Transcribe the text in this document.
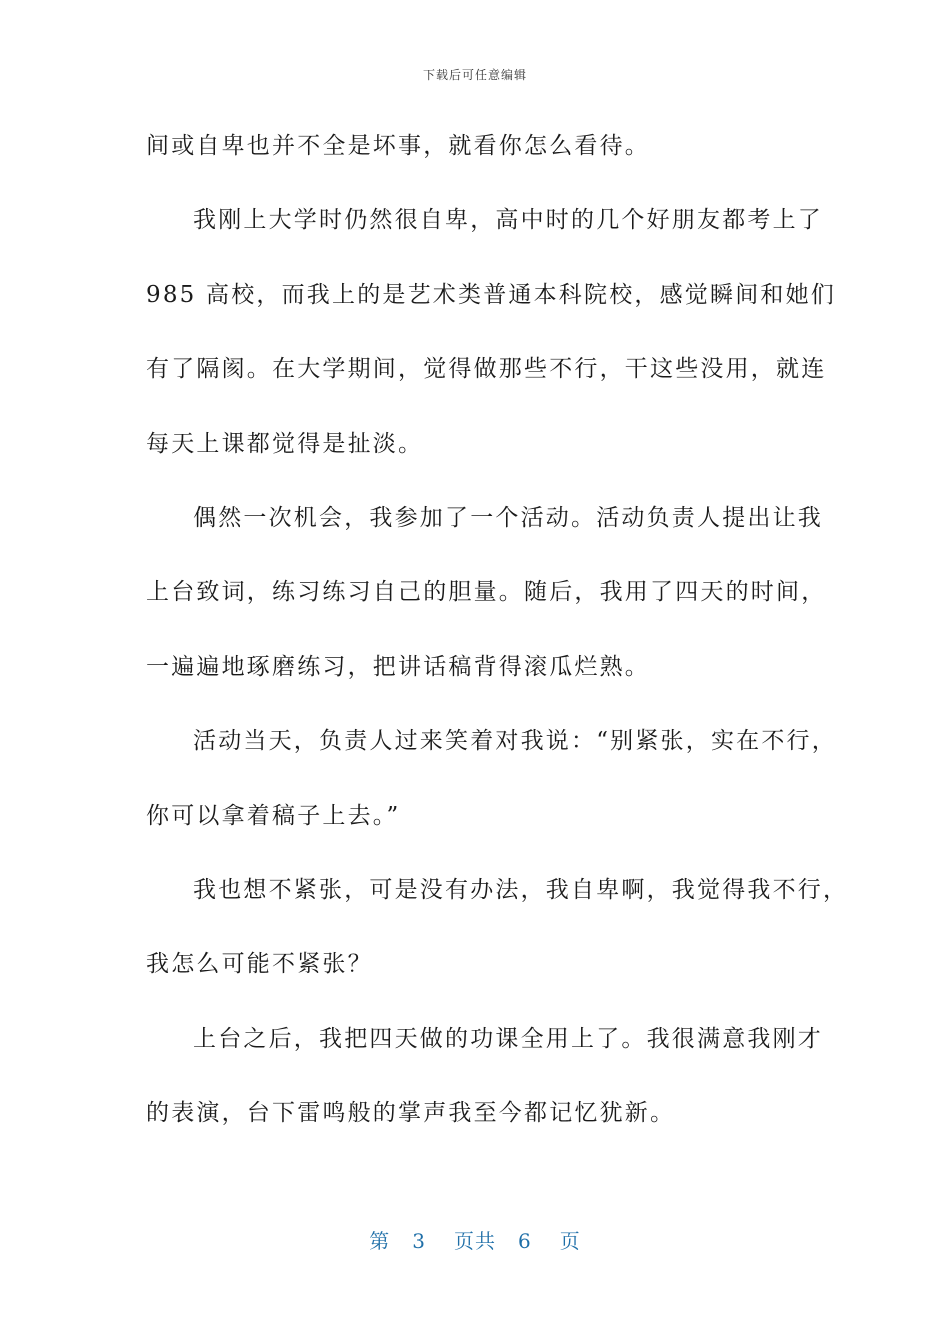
下载后可任意编辑
间或自卑也并不全是坏事，就看你怎么看待。
我刚上大学时仍然很自卑，高中时的几个好朋友都考上了
985 高校，而我上的是艺术类普通本科院校，感觉瞬间和她们
有了隔阂。在大学期间，觉得做那些不行，干这些没用，就连
每天上课都觉得是扯淡。
偶然一次机会，我参加了一个活动。活动负责人提出让我
上台致词，练习练习自己的胆量。随后，我用了四天的时间，
一遍遍地琢磨练习，把讲话稿背得滚瓜烂熟。
活动当天，负责人过来笑着对我说：“别紧张，实在不行，
你可以拿着稿子上去。”
我也想不紧张，可是没有办法，我自卑啊，我觉得我不行，
我怎么可能不紧张？
上台之后，我把四天做的功课全用上了。我很满意我刚才
的表演，台下雷鸣般的掌声我至今都记忆犹新。
第 3 页共 6 页
